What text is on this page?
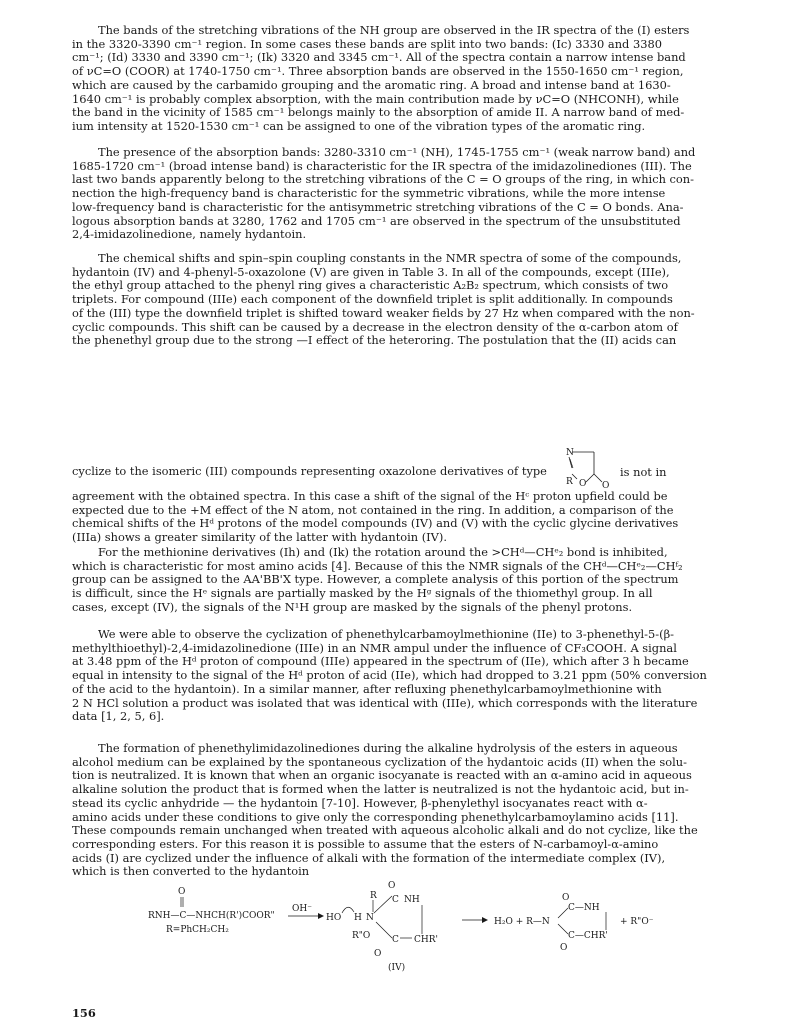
The bands of the stretching vibrations of the NH group are observed in the IR spectra of the (I) esters
in the 3320-3390 cm⁻¹ region. In some cases these bands are split into two bands: (Ic) 3330 and 3380
cm⁻¹; (Id) 3330 and 3390 cm⁻¹; (Ik) 3320 and 3345 cm⁻¹. All of the spectra contain a narrow intense band
of νC=O (COOR) at 1740-1750 cm⁻¹. Three absorption bands are observed in the 1550-1650 cm⁻¹ region,
which are caused by the carbamido grouping and the aromatic ring. A broad and intense band at 1630-
1640 cm⁻¹ is probably complex absorption, with the main contribution made by νC=O (NHCONH), while
the band in the vicinity of 1585 cm⁻¹ belongs mainly to the absorption of amide II. A narrow band of med-
ium intensity at 1520-1530 cm⁻¹ can be assigned to one of the vibration types of the aromatic ring.
The presence of the absorption bands: 3280-3310 cm⁻¹ (NH), 1745-1755 cm⁻¹ (weak narrow band) and
1685-1720 cm⁻¹ (broad intense band) is characteristic for the IR spectra of the imidazolinediones (III). The
last two bands apparently belong to the stretching vibrations of the C = O groups of the ring, in which con-
nection the high-frequency band is characteristic for the symmetric vibrations, while the more intense
low-frequency band is characteristic for the antisymmetric stretching vibrations of the C = O bonds. Ana-
logous absorption bands at 3280, 1762 and 1705 cm⁻¹ are observed in the spectrum of the unsubstituted
2,4-imidazolinedione, namely hydantoin.
The chemical shifts and spin–spin coupling constants in the NMR spectra of some of the compounds,
hydantoin (IV) and 4-phenyl-5-oxazolone (V) are given in Table 3. In all of the compounds, except (IIIe),
the ethyl group attached to the phenyl ring gives a characteristic A₂B₂ spectrum, which consists of two
triplets. For compound (IIIe) each component of the downfield triplet is split additionally. In compounds
of the (III) type the downfield triplet is shifted toward weaker fields by 27 Hz when compared with the non-
cyclic compounds. This shift can be caused by a decrease in the electron density of the α-carbon atom of
the phenethyl group due to the strong —I effect of the heteroring. The postulation that the (II) acids can
cyclize to the isomeric (III) compounds representing oxazolone derivatives of type
N
R O O
is not in
agreement with the obtained spectra. In this case a shift of the signal of the Hᶜ proton upfield could be
expected due to the +M effect of the N atom, not contained in the ring. In addition, a comparison of the
chemical shifts of the Hᵈ protons of the model compounds (IV) and (V) with the cyclic glycine derivatives
(IIIa) shows a greater similarity of the latter with hydantoin (IV).
For the methionine derivatives (Ih) and (Ik) the rotation around the >CHᵈ—CHᵉ₂ bond is inhibited,
which is characteristic for most amino acids [4]. Because of this the NMR signals of the CHᵈ—CHᵉ₂—CHᶠ₂
group can be assigned to the AA'BB'X type. However, a complete analysis of this portion of the spectrum
is difficult, since the Hᵉ signals are partially masked by the Hᵍ signals of the thiomethyl group. In all
cases, except (IV), the signals of the N¹H group are masked by the signals of the phenyl protons.
We were able to observe the cyclization of phenethylcarbamoylmethionine (IIe) to 3-phenethyl-5-(β-
methylthioethyl)-2,4-imidazolinedione (IIIe) in an NMR ampul under the influence of CF₃COOH. A signal
at 3.48 ppm of the Hᵈ proton of compound (IIIe) appeared in the spectrum of (IIe), which after 3 h became
equal in intensity to the signal of the Hᵈ proton of acid (IIe), which had dropped to 3.21 ppm (50% conversion
of the acid to the hydantoin). In a similar manner, after refluxing phenethylcarbamoylmethionine with
2 N HCl solution a product was isolated that was identical with (IIIe), which corresponds with the literature
data [1, 2, 5, 6].
The formation of phenethylimidazolinediones during the alkaline hydrolysis of the esters in aqueous
alcohol medium can be explained by the spontaneous cyclization of the hydantoic acids (II) when the solu-
tion is neutralized. It is known that when an organic isocyanate is reacted with an α-amino acid in aqueous
alkaline solution the product that is formed when the latter is neutralized is not the hydantoic acid, but in-
stead its cyclic anhydride — the hydantoin [7-10]. However, β-phenylethyl isocyanates react with α-
amino acids under these conditions to give only the corresponding phenethylcarbamoylamino acids [11].
These compounds remain unchanged when treated with aqueous alcoholic alkali and do not cyclize, like the
corresponding esters. For this reason it is possible to assume that the esters of N-carbamoyl-α-amino
acids (I) are cyclized under the influence of alkali with the formation of the intermediate complex (IV),
which is then converted to the hydantoin
O
RNH—C—NHCH(R')COOR"
R=PhCH₂CH₂
OH⁻
HO H N
R
O
C NH
R"O C CHR'
O
(IV)
H₂O + R—N
O
C—NH
C—CHR'
O
+ R"O⁻
156
